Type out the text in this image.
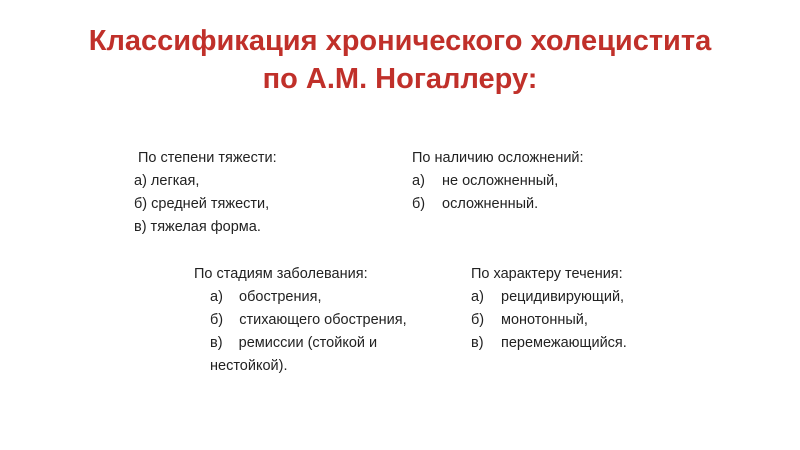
Классификация хронического холецистита
по А.М. Ногаллеру:
По степени тяжести:
а) легкая,
б) средней тяжести,
в) тяжелая форма.
По наличию осложнений:
а) не осложненный,
б) осложненный.
По стадиям заболевания:
а) обострения,
б) стихающего обострения,
в) ремиссии (стойкой и нестойкой).
По характеру течения:
а) рецидивирующий,
б) монотонный,
в) перемежающийся.
